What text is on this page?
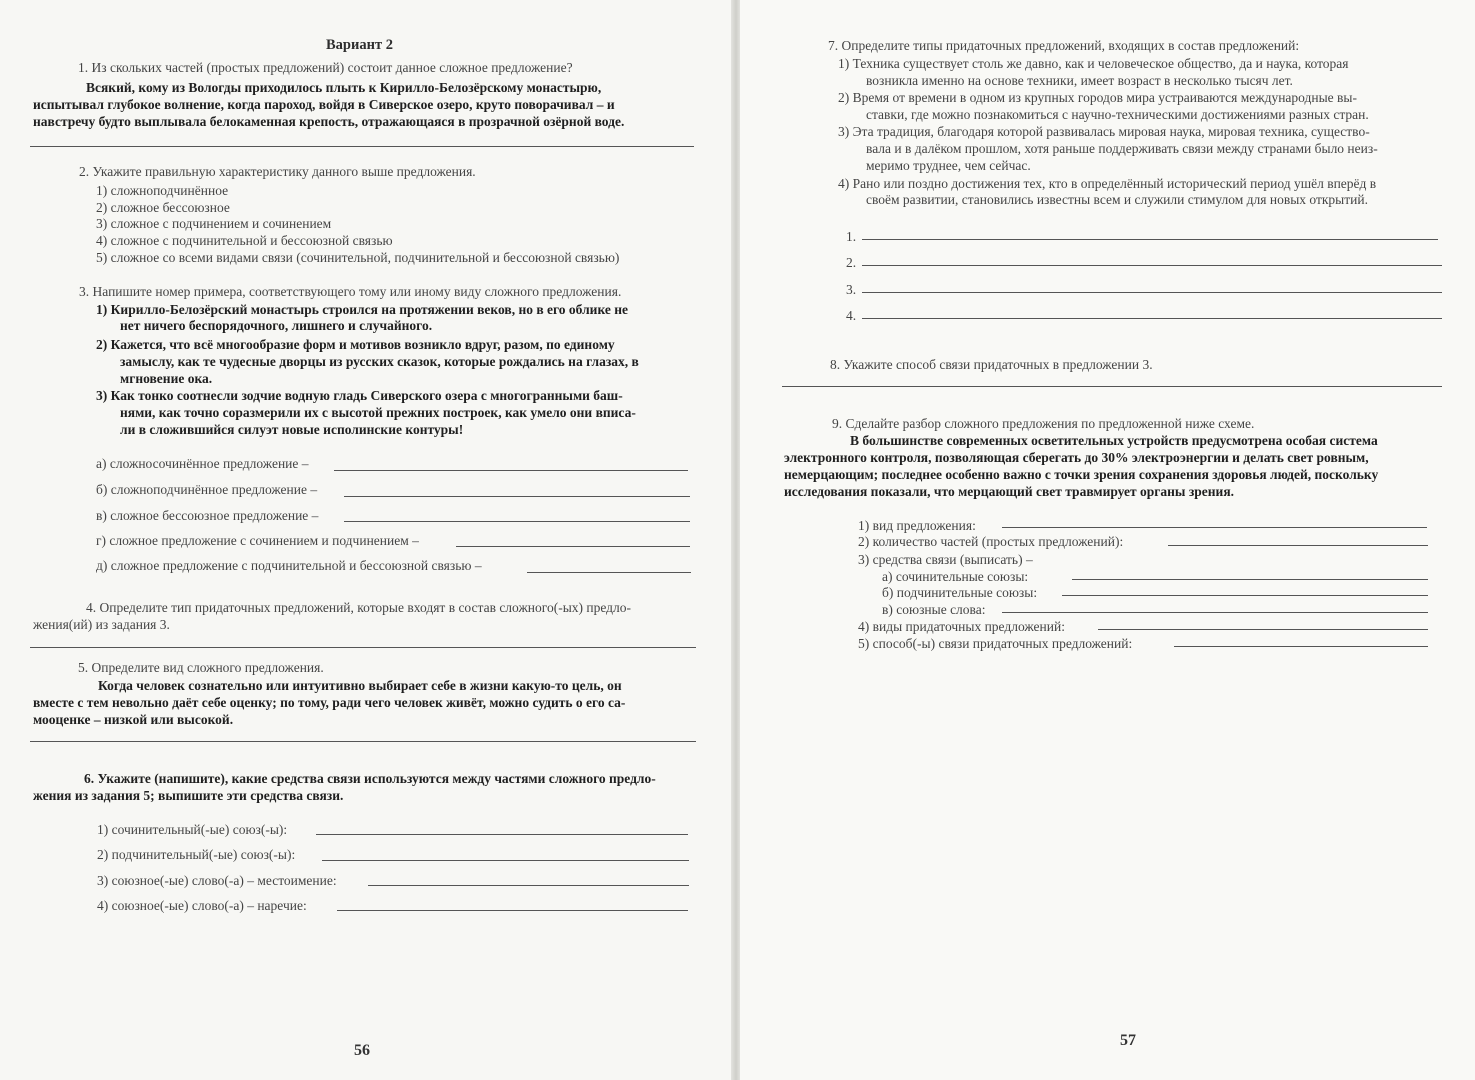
Вариант 2
1. Из скольких частей (простых предложений) состоит данное сложное предложение?
Всякий, кому из Вологды приходилось плыть к Кирилло-Белозёрскому монастырю,
испытывал глубокое волнение, когда пароход, войдя в Сиверское озеро, круто поворачивал – и
навстречу будто выплывала белокаменная крепость, отражающаяся в прозрачной озёрной воде.
2. Укажите правильную характеристику данного выше предложения.
1) сложноподчинённое
2) сложное бессоюзное
3) сложное с подчинением и сочинением
4) сложное с подчинительной и бессоюзной связью
5) сложное со всеми видами связи (сочинительной, подчинительной и бессоюзной связью)
3. Напишите номер примера, соответствующего тому или иному виду сложного предложения.
1) Кирилло-Белозёрский монастырь строился на протяжении веков, но в его облике не
нет ничего беспорядочного, лишнего и случайного.
2) Кажется, что всё многообразие форм и мотивов возникло вдруг, разом, по единому
замыслу, как те чудесные дворцы из русских сказок, которые рождались на глазах, в
мгновение ока.
3) Как тонко соотнесли зодчие водную гладь Сиверского озера с многогранными баш-
нями, как точно соразмерили их с высотой прежних построек, как умело они вписа-
ли в сложившийся силуэт новые исполинские контуры!
а) сложносочинённое предложение –
б) сложноподчинённое предложение –
в) сложное бессоюзное предложение –
г) сложное предложение с сочинением и подчинением –
д) сложное предложение с подчинительной и бессоюзной связью –
4. Определите тип придаточных предложений, которые входят в состав сложного(-ых) предло-
жения(ий) из задания 3.
5. Определите вид сложного предложения.
Когда человек сознательно или интуитивно выбирает себе в жизни какую-то цель, он
вместе с тем невольно даёт себе оценку; по тому, ради чего человек живёт, можно судить о его са-
мооценке – низкой или высокой.
6. Укажите (напишите), какие средства связи используются между частями сложного предло-
жения из задания 5; выпишите эти средства связи.
1) сочинительный(-ые) союз(-ы):
2) подчинительный(-ые) союз(-ы):
3) союзное(-ые) слово(-а) – местоимение:
4) союзное(-ые) слово(-а) – наречие:
56
7. Определите типы придаточных предложений, входящих в состав предложений:
1) Техника существует столь же давно, как и человеческое общество, да и наука, которая
возникла именно на основе техники, имеет возраст в несколько тысяч лет.
2) Время от времени в одном из крупных городов мира устраиваются международные вы-
ставки, где можно познакомиться с научно-техническими достижениями разных стран.
3) Эта традиция, благодаря которой развивалась мировая наука, мировая техника, существо-
вала и в далёком прошлом, хотя раньше поддерживать связи между странами было неиз-
меримо труднее, чем сейчас.
4) Рано или поздно достижения тех, кто в определённый исторический период ушёл вперёд в
своём развитии, становились известны всем и служили стимулом для новых открытий.
1.
2.
3.
4.
8. Укажите способ связи придаточных в предложении 3.
9. Сделайте разбор сложного предложения по предложенной ниже схеме.
В большинстве современных осветительных устройств предусмотрена особая система
электронного контроля, позволяющая сберегать до 30% электроэнергии и делать свет ровным,
немерцающим; последнее особенно важно с точки зрения сохранения здоровья людей, поскольку
исследования показали, что мерцающий свет травмирует органы зрения.
1) вид предложения:
2) количество частей (простых предложений):
3) средства связи (выписать) –
а) сочинительные союзы:
б) подчинительные союзы:
в) союзные слова:
4) виды придаточных предложений:
5) способ(-ы) связи придаточных предложений:
57
